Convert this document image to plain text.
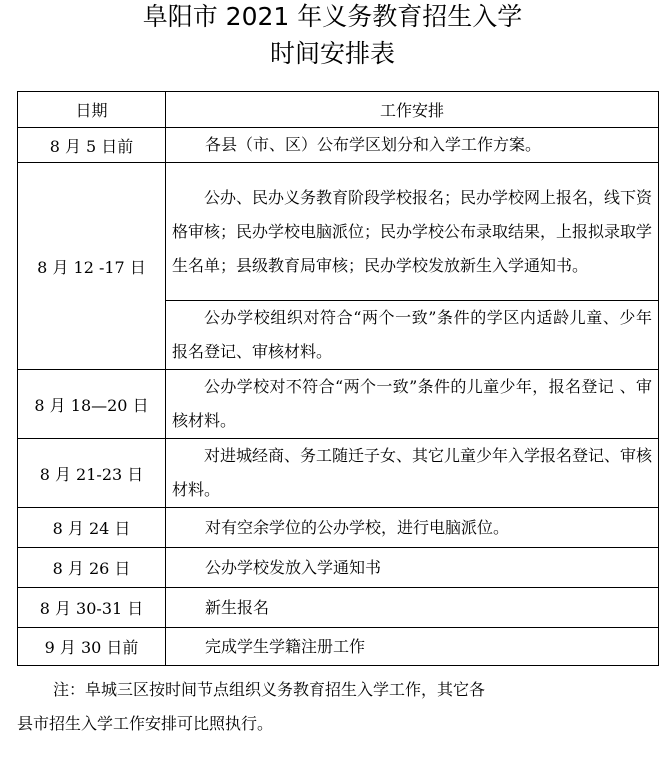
阜阳市 2021 年义务教育招生入学
时间安排表
日期	工作安排
8 月 5 日前	各县（市、区）公布学区划分和入学工作方案。

8 月 12 -17 日	公办、民办义务教育阶段学校报名；民办学校网上报名，线下资格审核；民办学校电脑派位；民办学校公布录取结果，上报拟录取学生名单；县级教育局审核；民办学校发放新生入学通知书。

	公办学校组织对符合“两个一致”条件的学区内适龄儿童、少年报名登记、审核材料。

8 月 18—20 日	公办学校对不符合“两个一致”条件的儿童少年，报名登记 、审核材料。

8 月 21-23 日	对进城经商、务工随迁子女、其它儿童少年入学报名登记、审核材料。

8 月 24 日	对有空余学位的公办学校，进行电脑派位。

8 月 26 日	公办学校发放入学通知书

8 月 30-31 日	新生报名

9 月 30 日前	完成学生学籍注册工作
注：阜城三区按时间节点组织义务教育招生入学工作，其它各
县市招生入学工作安排可比照执行。
